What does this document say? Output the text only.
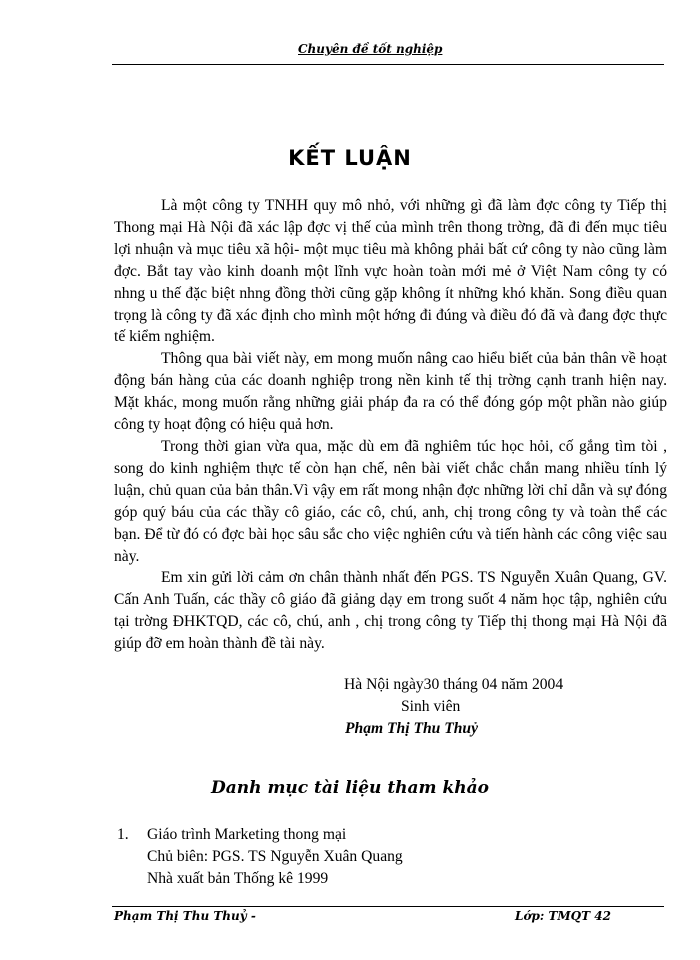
Chuyên đề tốt nghiệp
KẾT LUẬN

Là một công ty TNHH quy mô nhỏ, với những gì đã làm đợc công ty Tiếp thị Thong mại Hà Nội đã xác lập đợc vị thế của mình trên thong trờng, đã đi đến mục tiêu lợi nhuận và mục tiêu xã hội- một mục tiêu mà không phải bất cứ công ty nào cũng làm đợc. Bắt tay vào kinh doanh một lĩnh vực hoàn toàn mới mẻ ở Việt Nam công ty có nhng u thế đặc biệt nhng đồng thời cũng gặp không ít những khó khăn. Song điều quan trọng là công ty đã xác định cho mình một hớng đi đúng và điều đó đã và đang đợc thực tế kiểm nghiệm.

Thông qua bài viết này, em mong muốn nâng cao hiểu biết của bản thân về hoạt động bán hàng của các doanh nghiệp trong nền kinh tế thị trờng cạnh tranh hiện nay. Mặt khác, mong muốn rằng những giải pháp đa ra có thể đóng góp một phần nào giúp công ty hoạt động có hiệu quả hơn.

Trong thời gian vừa qua, mặc dù em đã nghiêm túc học hỏi, cố gắng tìm tòi , song do kinh nghiệm thực tế còn hạn chế, nên bài viết chắc chắn mang nhiều tính lý luận, chủ quan của bản thân.Vì vậy em rất mong nhận đợc những lời chỉ dẫn và sự đóng góp quý báu của các thầy cô giáo, các cô, chú, anh, chị trong công ty và toàn thể các bạn. Để từ đó có đợc bài học sâu sắc cho việc nghiên cứu và tiến hành các công việc sau này.

Em xin gửi lời cảm ơn chân thành nhất đến PGS. TS Nguyễn Xuân Quang, GV. Cấn Anh Tuấn, các thầy cô giáo đã giảng dạy em trong suốt 4 năm học tập, nghiên cứu tại trờng ĐHKTQD, các cô, chú, anh , chị trong công ty Tiếp thị thong mại Hà Nội đã giúp đỡ em hoàn thành đề tài này.

Hà Nội ngày30 tháng 04 năm 2004
Sinh viên
Phạm Thị Thu Thuỷ
Danh mục tài liệu tham khảo
1. Giáo trình Marketing thong mại
Chủ biên: PGS. TS Nguyễn Xuân Quang
Nhà xuất bản Thống kê 1999
Phạm Thị Thu Thuỷ -	Lớp: TMQT 42
